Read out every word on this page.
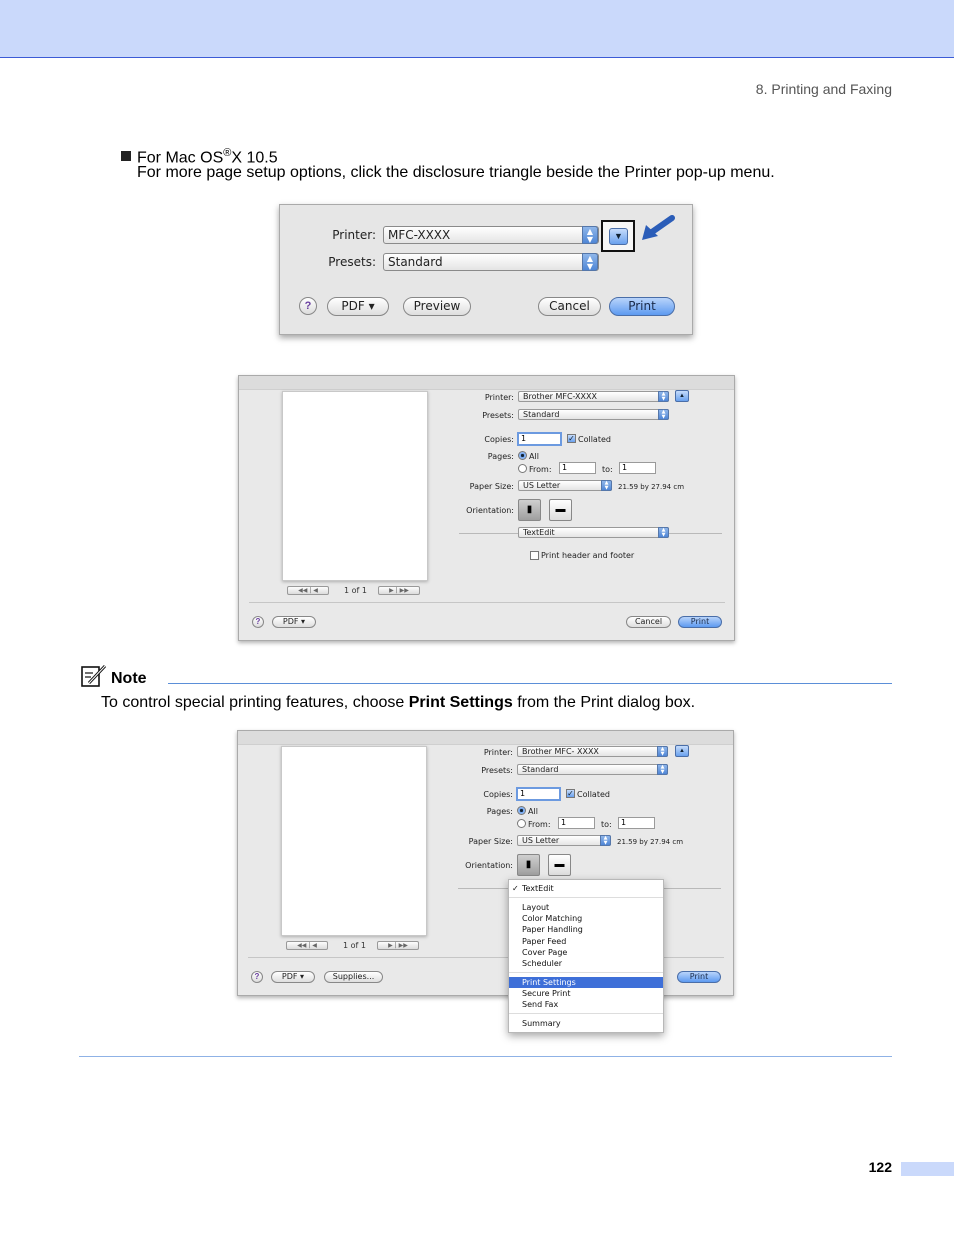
8. Printing and Faxing
For Mac OS®X 10.5
For more page setup options, click the disclosure triangle beside the Printer pop-up menu.
Printer:	MFC-XXXX	▲
▼
Presets:	Standard	▲
▼
▼
?	PDF ▾	Preview	Cancel	Print
◀◀ | ◀	1 of 1	▶ | ▶▶
Printer:	Brother MFC-XXXX	▲
▼	▲
Presets:	Standard	▲
▼
Copies: 1	✓ Collated
Pages: All
From:	1	to:	1
Paper Size:	US Letter	▲
▼	21.59 by 27.94 cm
Orientation:	▮	▬
TextEdit	▲
▼
Print header and footer
?	PDF ▾	Cancel	Print
Note
To control special printing features, choose Print Settings from the Print dialog box.
◀◀ | ◀	1 of 1	▶ | ▶▶
Printer:	Brother MFC- XXXX	▲
▼	▲
Presets:	Standard	▲
▼
Copies: 1	✓ Collated
Pages: All
From:	1	to:	1
Paper Size:	US Letter	▲
▼	21.59 by 27.94 cm
Orientation:	▮	▬
?	PDF ▾	Supplies...	Print
✓ TextEdit
Layout
Color Matching
Paper Handling
Paper Feed
Cover Page
Scheduler
Print Settings
Secure Print
Send Fax
Summary
122
